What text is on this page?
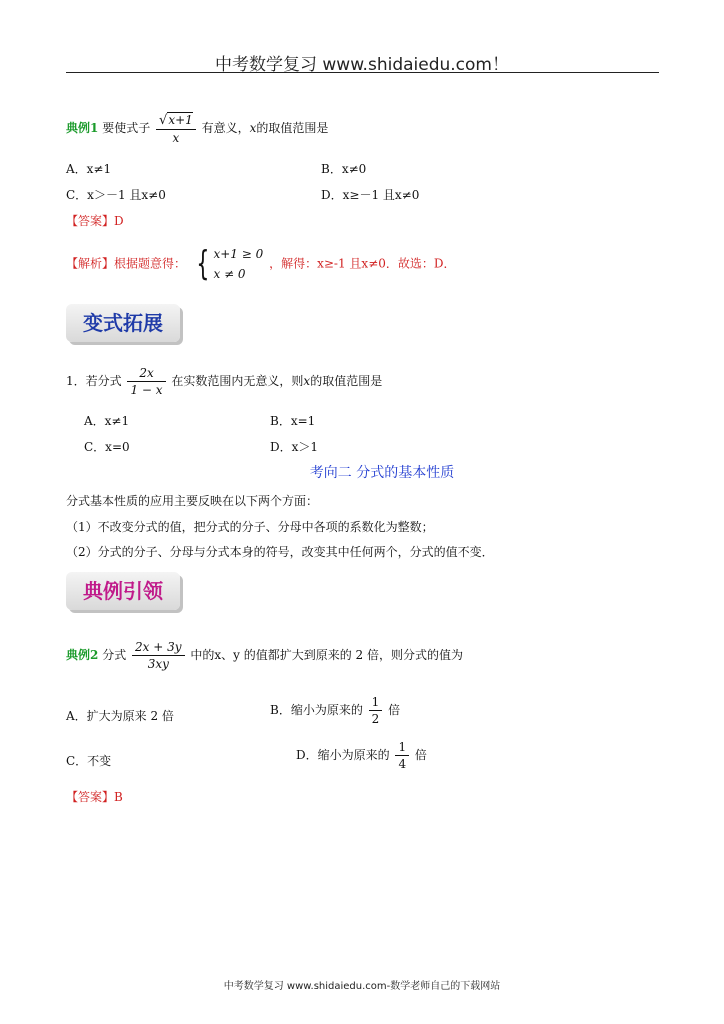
中考数学复习 www.shidaiedu.com！
典例1 要使式子 $\frac{√x+1}{x}$ 有意义，x的取值范围是
A．x≠1	B．x≠0
C．x＞－1 且x≠0	D．x≥－1 且x≠0
【答案】D
【解析】根据题意得： { x+1 ≥ 0
x ≠ 0
，解得：x≥-1 且x≠0．故选：D．
变式拓展
1．若分式 $\frac{2x}{1 - x}$ 在实数范围内无意义，则x的取值范围是
A．x≠1	B．x=1
C．x=0	D．x＞1
考向二 分式的基本性质
分式基本性质的应用主要反映在以下两个方面：
（1）不改变分式的值，把分式的分子、分母中各项的系数化为整数；
（2）分式的分子、分母与分式本身的符号，改变其中任何两个，分式的值不变．
典例引领
典例2 分式 $\frac{2x + 3y}{3xy}$ 中的x、y 的值都扩大到原来的 2 倍，则分式的值为
A．扩大为原来 2 倍	B．缩小为原来的 $\frac{1}{2}$ 倍
C．不变	D．缩小为原来的 $\frac{1}{4}$ 倍
【答案】B
中考数学复习 www.shidaiedu.com-数学老师自己的下载网站
